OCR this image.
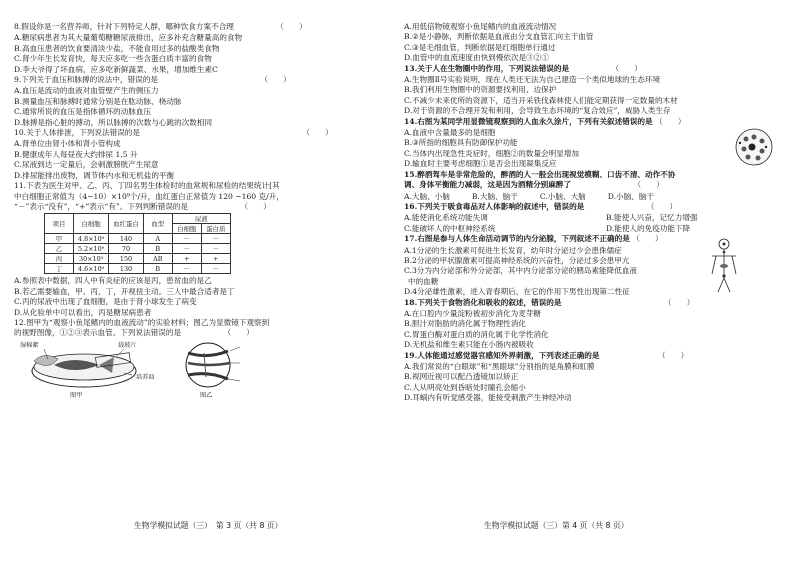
8.假设你是一名营养师，针对下列特定人群，哪种饮食方案不合理	（　　）
A.糖尿病患者为其大量葡萄糖糖尿液排出，应多补充含糖量高的食物
B.高血压患者的饮食要清淡少盐，不能食用过多的盐酸类食物
C.肾少年生长发育快，每天应多吃一些含蛋白质丰富的食物
D.李大爷得了坏血病，应多吃新鲜蔬菜、水果，增加维生素C
9.下列关于血压和脉搏的说法中，错误的是	（　　）
A.血压是流动的血液对血管壁产生的侧压力
B.测量血压和脉搏时通常分别是在肱动脉、桡动脉
C.通常所说的血压是指体循环的动脉血压
D.脉搏是指心脏的搏动，所以脉搏的次数与心跳的次数相同
10.关于人体排泄，下列说法错误的是	（　　）
A.肾单位由肾小体和肾小管构成
B.健康成年人每昼夜大约排尿 1.5 升
C.尿液到达一定量后，会刺激膀胱产生尿意
D.排尿能排出废物，调节体内水和无机盐的平衡
11.下表为医生对甲、乙、丙、丁四名男生体检时的血常规和尿检的结果统计[其
中白细胞正常值为（4~10）×10⁹个/升，血红蛋白正常值为 120 ~160 克/升，
“－”表示“没有”，“+”表示“有”。下列判断错误的是	（　　）
项目	白细胞	血红蛋白	血型	尿液	
				白细胞	蛋白质
甲	4.8×10⁹	140	A	－	－
乙	5.2×10⁹	70	B	－	－
丙	30×10⁹	150	AB	+	+
丁	4.6×10⁹	130	B	－	－
A.参照表中数据，四人中有炎症的应该是丙，患贫血的是乙
B.若乙需要输血，甲、丙、丁，开视扭主动。三人中最合适者是丁
C.丙的尿液中出现了血细胞，是由于肾小球发生了病变
D.从化验单中可以看出，丙是糖尿病患者
12.图甲为“观察小鱼尾鳍内的血液流动”的实验材料；图乙为显微镜下观察到
的视野图像，①②③表示血管。下列说法错误的是	（　　）
湿棉絮	载玻片
培养皿
图甲	图乙
生物学模拟试题（三）　第 3 页（共 8 页）
A.用低倍物镜观察小鱼尾鳍内的血液流动情况
B.②是小静脉，判断依据是血液由分支血管汇向主干血管
C.③是毛细血管，判断依据是红细胞单行通过
D.血管中的血流速度由快到慢依次是③②①
13.关于人在生物圈中的作用，下列说法错误的是	（　　）
A.生物圈Ⅱ号实验说明，现在人类还无法为自己建造一个类似地球的生态环境
B.我们利用生物圈中的资源要找利用、边保护
C.不减少未来优所的资源下，适当开采铁伐森林使人们能定期获得一定数量的木材
D.对于资源的不合理开发和利用，会导致生态环境的“复合效应”，威胁人类生存
14.右图为某同学用显微镜观察到的人血永久涂片，下列有关叙述错误的是 （　　）
A.血液中含量最多的是细胞
B.③所指的细胞具有防御保护功能
C.当体内出现急性炎症时，细胞②的数量会明显增加
D.输血时主要考虑细胞①是否会出现凝集反应
15.醉酒驾车是非常危险的，醉酒的人一般会出现视觉模糊、口齿不清、动作不协
调、身体平衡能力减弱，这是因为酒精分别麻醉了	（　　）
A.大脑、小脑	B.大脑、脑干	C.小脑、大脑	D.小脑、脑干
16.下列关于吸食毒品对人体影响的叙述中，错误的是	（　　）
A.能使消化系统功能失调	B.能使人兴奋，记忆力增强
C.能破坏人的中枢神经系统	D.能使人的免疫功能下降
17.右图是参与人体生命活动调节的内分泌腺，下列叙述不正确的是 （　　）
A.1分泌的生长激素可促进生长发育，幼年时分泌过少会患侏儒症
B.2分泌的甲状腺激素可提高神经系统的兴奋性，分泌过多会患甲亢
C.3分为内分泌部和外分泌部，其中内分泌部分泌的胰岛素能降低血液
中的血糖
D.4分泌雄性激素，进入青春期后，在它的作用下男性出现第二性征
18.下列关于食物消化和吸收的叙述，错误的是	（　　）
A.在口腔内少量淀粉被初步消化为麦芽糖
B.胆汁对脂肪的消化属于物理性消化
C.胃蛋白酶对蛋白质的消化属于化学性消化
D.无机盐和维生素只能在小肠内被吸收
19.人体能通过感觉器官感知外界刺激，下列表述正确的是	（　　）
A.我们常说的“白眼球”和“黑眼球”分别指的是角膜和虹膜
B.视网近视可以配凸透镜加以矫正
C.人从明亮处到昏暗处时瞳孔会缩小
D.耳蜗内有听觉感受器，能接受刺激产生神经冲动
生物学模拟试题（三）第 4 页（共 8 页）
